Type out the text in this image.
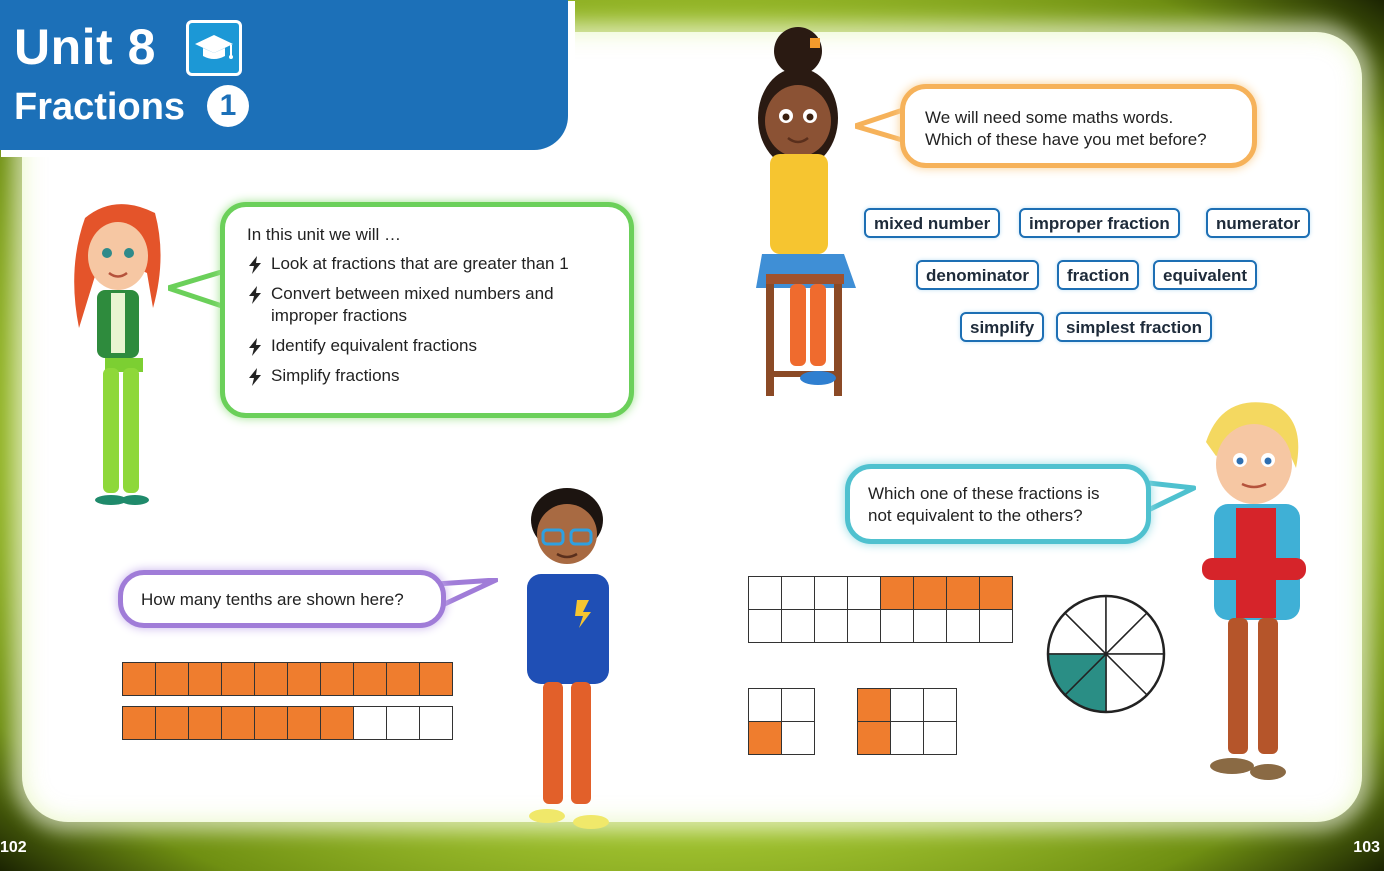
Unit 8
Fractions	1
In this unit we will …
Look at fractions that are greater than 1
Convert between mixed numbers and improper fractions
Identify equivalent fractions
Simplify fractions
We will need some maths words.
Which of these have you met before?
mixed number	improper fraction	numerator
denominator	fraction	equivalent
simplify	simplest fraction
How many tenths are shown here?
Which one of these fractions is
not equivalent to the others?
102	103
